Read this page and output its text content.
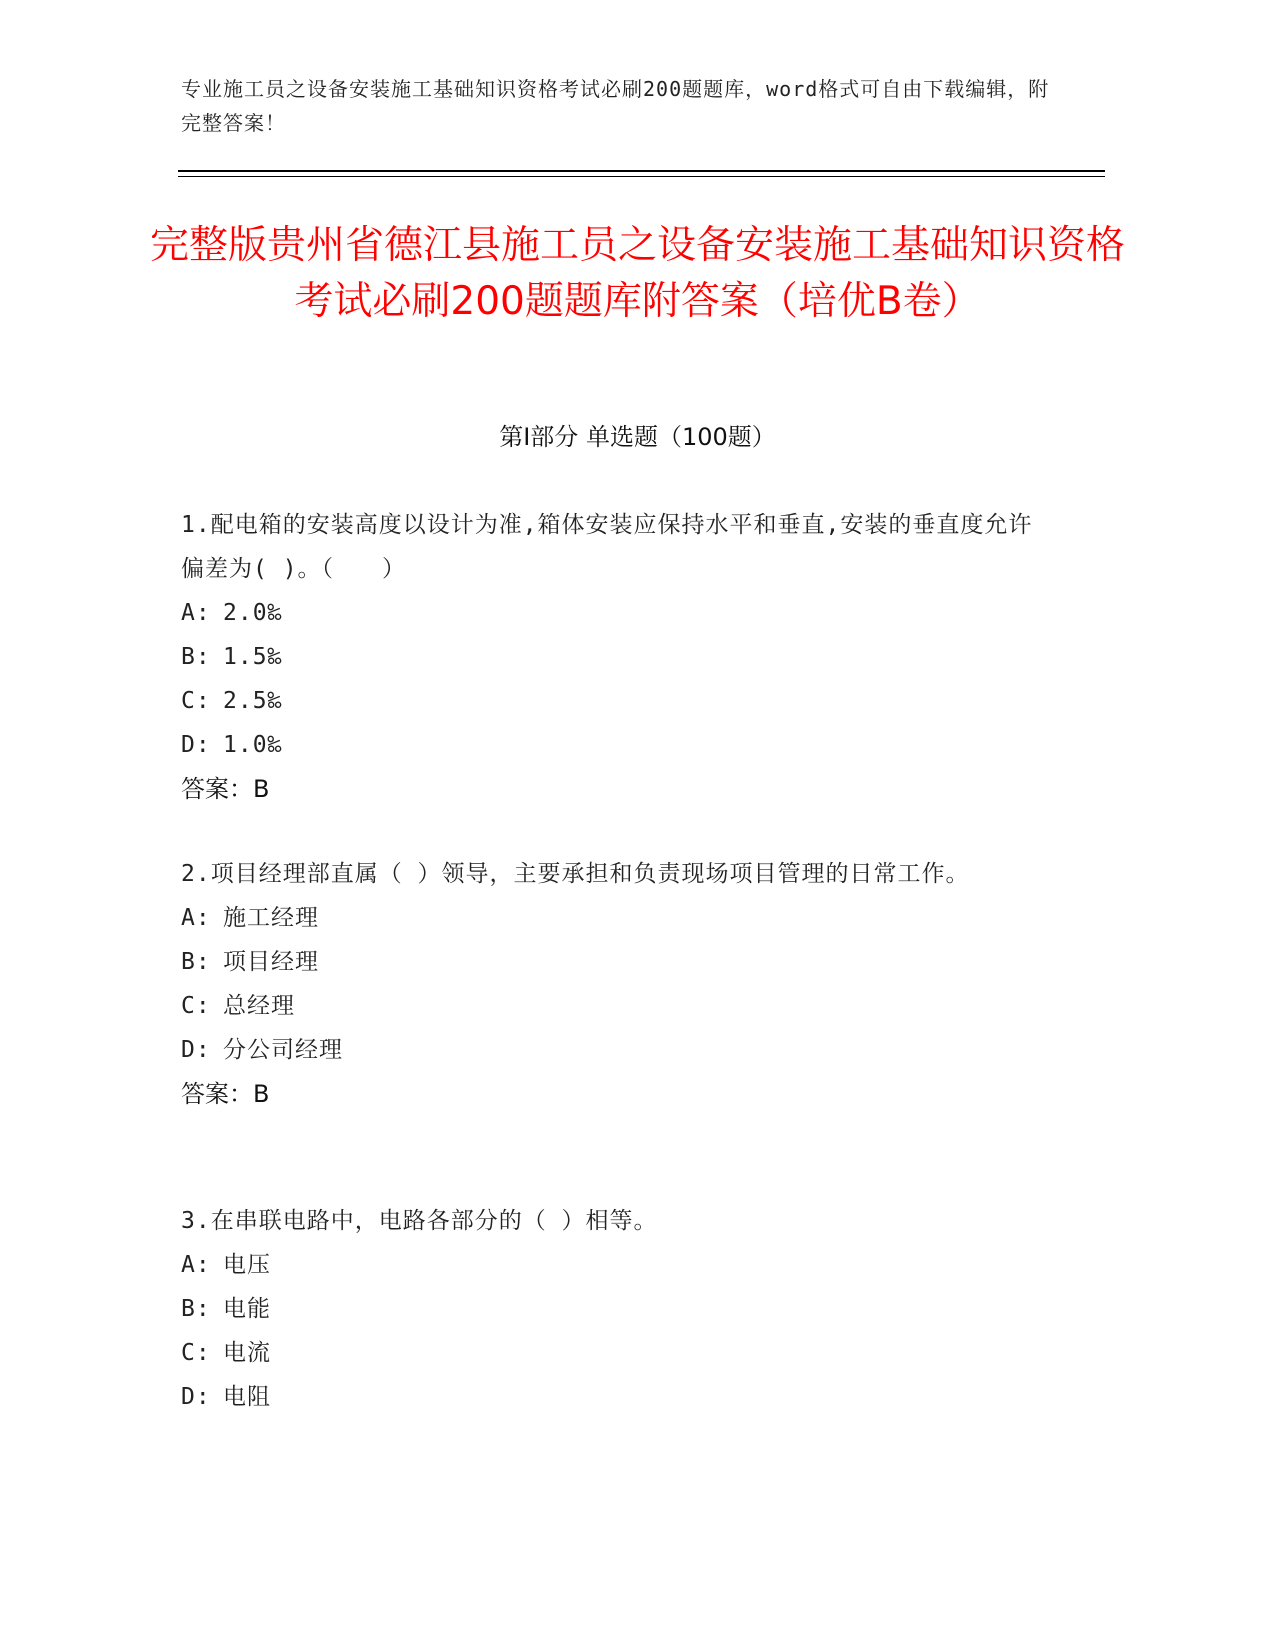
专业施工员之设备安装施工基础知识资格考试必刷200题题库，word格式可自由下载编辑，附完整答案！
完整版贵州省德江县施工员之设备安装施工基础知识资格考试必刷200题题库附答案（培优B卷）
第I部分 单选题（100题）
1.配电箱的安装高度以设计为准,箱体安装应保持水平和垂直,安装的垂直度允许偏差为( )。（　　）
A: 2.0‰
B: 1.5‰
C: 2.5‰
D: 1.0‰
答案：B
2.项目经理部直属（ ）领导，主要承担和负责现场项目管理的日常工作。
A: 施工经理
B: 项目经理
C: 总经理
D: 分公司经理
答案：B
3.在串联电路中，电路各部分的（ ）相等。
A: 电压
B: 电能
C: 电流
D: 电阻
